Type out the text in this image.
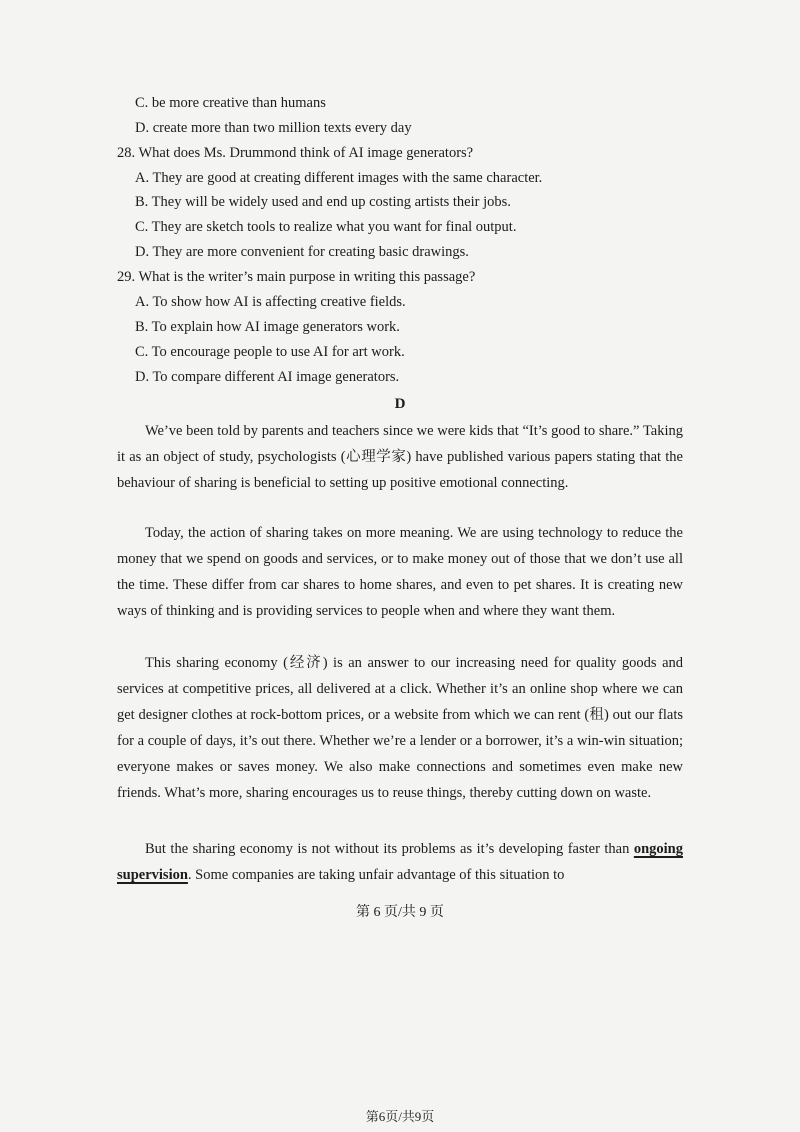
C. be more creative than humans
D. create more than two million texts every day
28. What does Ms. Drummond think of AI image generators?
A. They are good at creating different images with the same character.
B. They will be widely used and end up costing artists their jobs.
C. They are sketch tools to realize what you want for final output.
D. They are more convenient for creating basic drawings.
29. What is the writer’s main purpose in writing this passage?
A. To show how AI is affecting creative fields.
B. To explain how AI image generators work.
C. To encourage people to use AI for art work.
D. To compare different AI image generators.
D
We’ve been told by parents and teachers since we were kids that “It’s good to share.” Taking it as an object of study, psychologists (心理学家) have published various papers stating that the behaviour of sharing is beneficial to setting up positive emotional connecting.
Today, the action of sharing takes on more meaning. We are using technology to reduce the money that we spend on goods and services, or to make money out of those that we don’t use all the time. These differ from car shares to home shares, and even to pet shares. It is creating new ways of thinking and is providing services to people when and where they want them.
This sharing economy (经济) is an answer to our increasing need for quality goods and services at competitive prices, all delivered at a click. Whether it’s an online shop where we can get designer clothes at rock-bottom prices, or a website from which we can rent (租) out our flats for a couple of days, it’s out there. Whether we’re a lender or a borrower, it’s a win-win situation; everyone makes or saves money. We also make connections and sometimes even make new friends. What’s more, sharing encourages us to reuse things, thereby cutting down on waste.
But the sharing economy is not without its problems as it’s developing faster than ongoing supervision. Some companies are taking unfair advantage of this situation to
第 6 页/共 9 页
第6页/共9页
